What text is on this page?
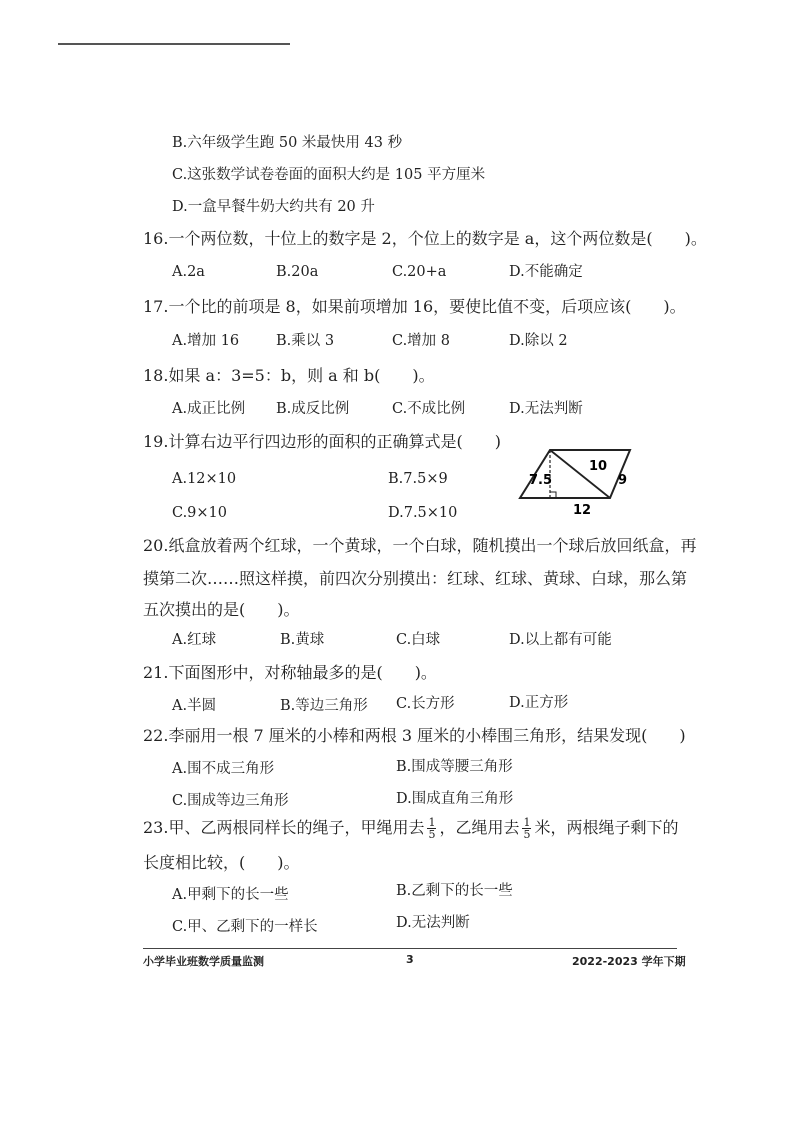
B.六年级学生跑 50 米最快用 43 秒
C.这张数学试卷卷面的面积大约是 105 平方厘米
D.一盒早餐牛奶大约共有 20 升
16.一个两位数，十位上的数字是 2，个位上的数字是 a，这个两位数是(　　)。
A.2a	B.20a	C.20+a	D.不能确定
17.一个比的前项是 8，如果前项增加 16，要使比值不变，后项应该(　　)。
A.增加 16	B.乘以 3	C.增加 8	D.除以 2
18.如果 a：3=5：b，则 a 和 b(　　)。
A.成正比例 B.成反比例	C.不成比例	D.无法判断
19.计算右边平行四边形的面积的正确算式是(　　)
A.12×10	B.7.5×9
C.9×10	D.7.5×10
7.5
10
9
12
20.纸盒放着两个红球，一个黄球，一个白球，随机摸出一个球后放回纸盒，再
摸第二次……照这样摸，前四次分别摸出：红球、红球、黄球、白球，那么第
五次摸出的是(　　)。
A.红球	B.黄球	C.白球	D.以上都有可能
21.下面图形中，对称轴最多的是(　　)。
A.半圆	B.等边三角形 C.长方形	D.正方形
22.李丽用一根 7 厘米的小棒和两根 3 厘米的小棒围三角形，结果发现(　　)
A.围不成三角形	B.围成等腰三角形
C.围成等边三角形	D.围成直角三角形
23.甲、乙两根同样长的绳子，甲绳用去 $\frac{1}{5}$ ，乙绳用去 $\frac{1}{5}$ 米，两根绳子剩下的
长度相比较，(　　)。
A.甲剩下的长一些	B.乙剩下的长一些
C.甲、乙剩下的一样长	D.无法判断
小学毕业班数学质量监测	3	2022-2023 学年下期
